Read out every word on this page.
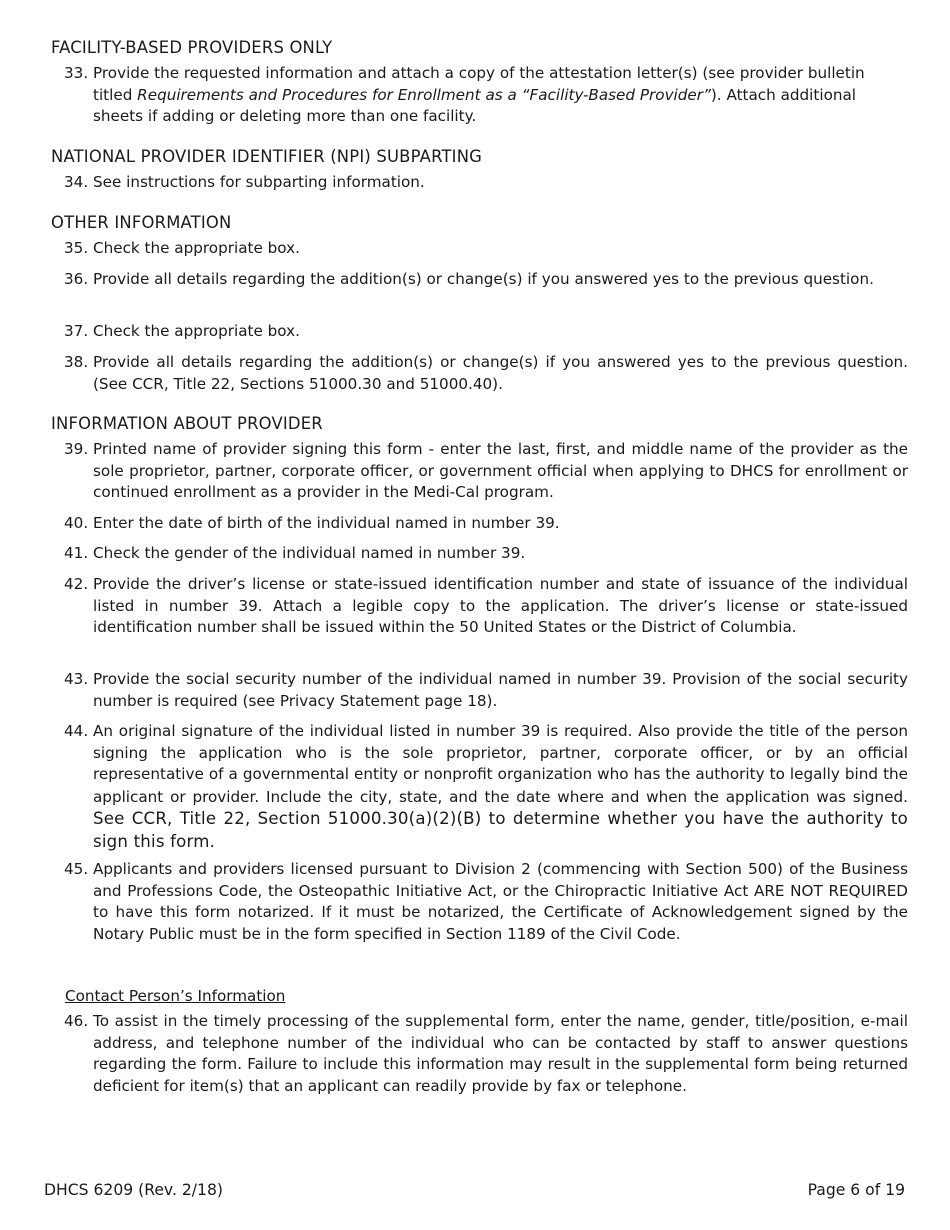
FACILITY-BASED PROVIDERS ONLY
33. Provide the requested information and attach a copy of the attestation letter(s) (see provider bulletin titled Requirements and Procedures for Enrollment as a “Facility-Based Provider”). Attach additional sheets if adding or deleting more than one facility.
NATIONAL PROVIDER IDENTIFIER (NPI) SUBPARTING
34. See instructions for subparting information.
OTHER INFORMATION
35. Check the appropriate box.
36. Provide all details regarding the addition(s) or change(s) if you answered yes to the previous question.
37. Check the appropriate box.
38. Provide all details regarding the addition(s) or change(s) if you answered yes to the previous question. (See CCR, Title 22, Sections 51000.30 and 51000.40).
INFORMATION ABOUT PROVIDER
39. Printed name of provider signing this form - enter the last, first, and middle name of the provider as the sole proprietor, partner, corporate officer, or government official when applying to DHCS for enrollment or continued enrollment as a provider in the Medi-Cal program.
40. Enter the date of birth of the individual named in number 39.
41. Check the gender of the individual named in number 39.
42. Provide the driver’s license or state-issued identification number and state of issuance of the individual listed in number 39. Attach a legible copy to the application. The driver’s license or state-issued identification number shall be issued within the 50 United States or the District of Columbia.
43. Provide the social security number of the individual named in number 39. Provision of the social security number is required (see Privacy Statement page 18).
44. An original signature of the individual listed in number 39 is required. Also provide the title of the person signing the application who is the sole proprietor, partner, corporate officer, or by an official representative of a governmental entity or nonprofit organization who has the authority to legally bind the applicant or provider. Include the city, state, and the date where and when the application was signed. See CCR, Title 22, Section 51000.30(a)(2)(B) to determine whether you have the authority to sign this form.
45. Applicants and providers licensed pursuant to Division 2 (commencing with Section 500) of the Business and Professions Code, the Osteopathic Initiative Act, or the Chiropractic Initiative Act ARE NOT REQUIRED to have this form notarized. If it must be notarized, the Certificate of Acknowledgement signed by the Notary Public must be in the form specified in Section 1189 of the Civil Code.
Contact Person’s Information
46. To assist in the timely processing of the supplemental form, enter the name, gender, title/position, e-mail address, and telephone number of the individual who can be contacted by staff to answer questions regarding the form. Failure to include this information may result in the supplemental form being returned deficient for item(s) that an applicant can readily provide by fax or telephone.
DHCS 6209 (Rev. 2/18)	Page 6 of 19
